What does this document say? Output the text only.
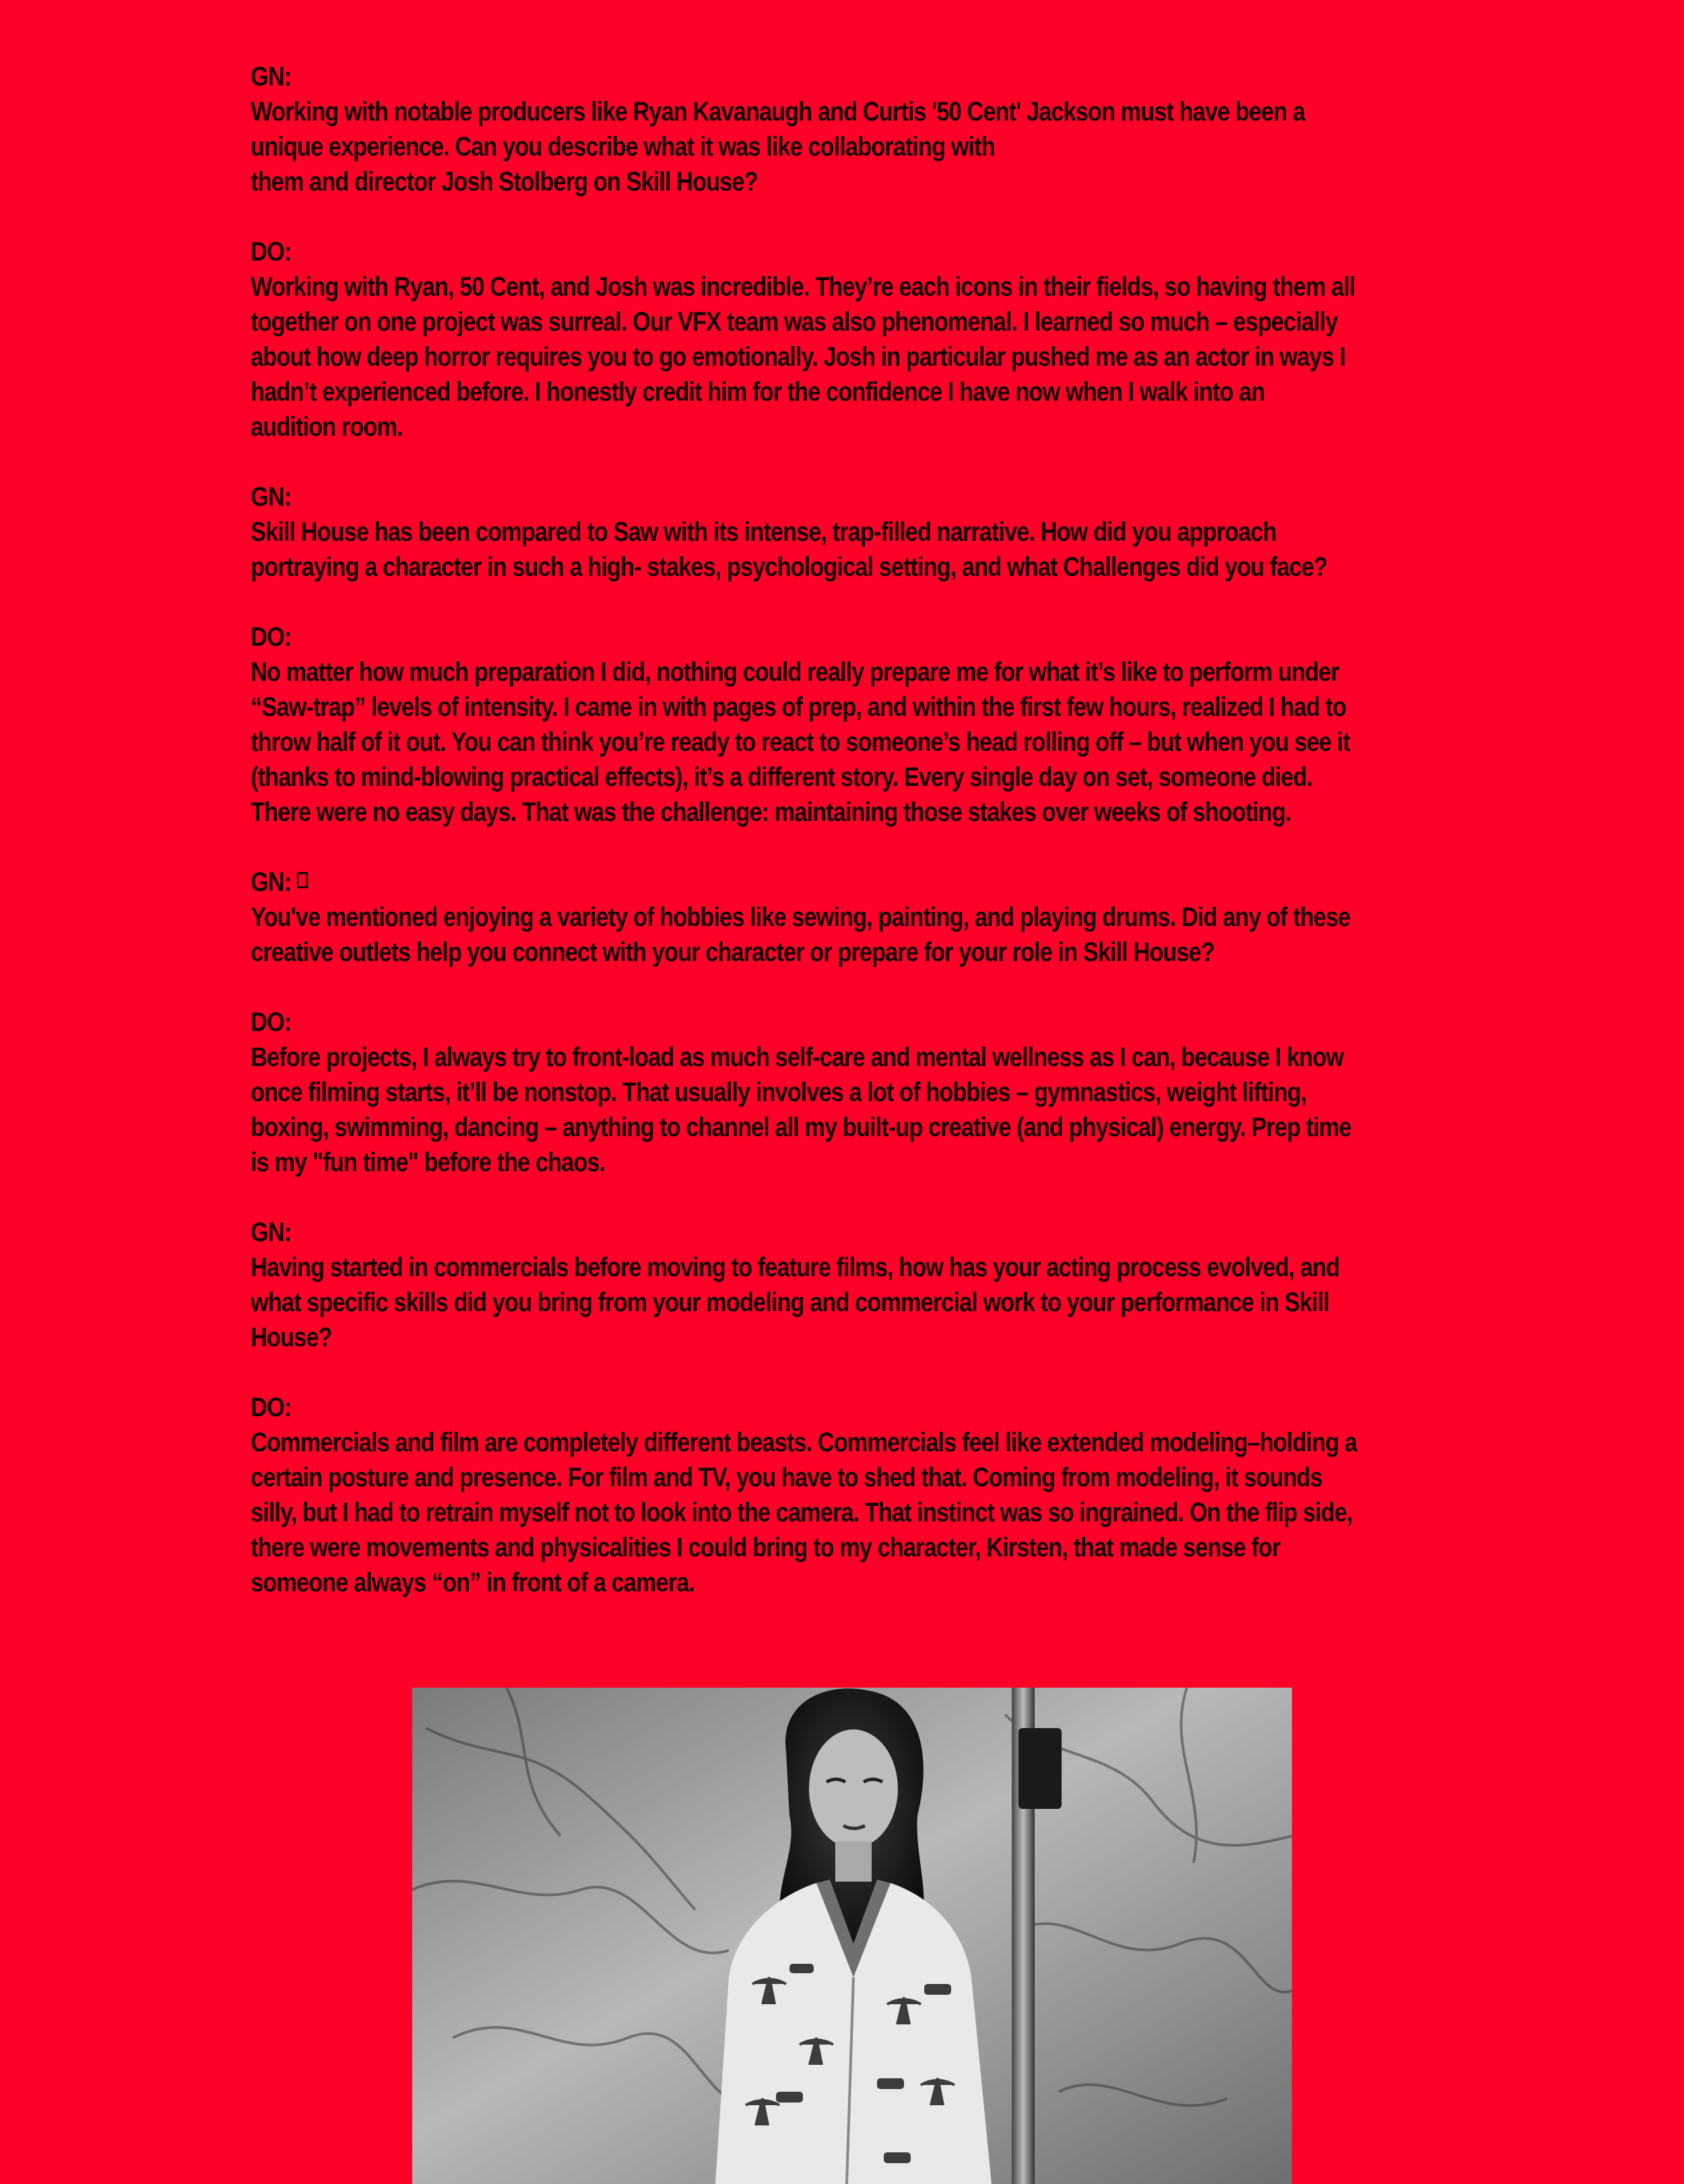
GN:
Working with notable producers like Ryan Kavanaugh and Curtis '50 Cent' Jackson must have been a
unique experience. Can you describe what it was like collaborating with
them and director Josh Stolberg on Skill House?
DO:
Working with Ryan, 50 Cent, and Josh was incredible. They’re each icons in their fields, so having them all
together on one project was surreal. Our VFX team was also phenomenal. I learned so much – especially
about how deep horror requires you to go emotionally. Josh in particular pushed me as an actor in ways I
hadn’t experienced before. I honestly credit him for the confidence I have now when I walk into an
audition room.
GN:
Skill House has been compared to Saw with its intense, trap-filled narrative. How did you approach
portraying a character in such a high- stakes, psychological setting, and what Challenges did you face?
DO:
No matter how much preparation I did, nothing could really prepare me for what it’s like to perform under
“Saw-trap” levels of intensity. I came in with pages of prep, and within the first few hours, realized I had to
throw half of it out. You can think you’re ready to react to someone’s head rolling off – but when you see it
(thanks to mind-blowing practical effects), it’s a different story. Every single day on set, someone died.
There were no easy days. That was the challenge: maintaining those stakes over weeks of shooting.
GN:
You've mentioned enjoying a variety of hobbies like sewing, painting, and playing drums. Did any of these
creative outlets help you connect with your character or prepare for your role in Skill House?
DO:
Before projects, I always try to front-load as much self-care and mental wellness as I can, because I know
once filming starts, it’ll be nonstop. That usually involves a lot of hobbies – gymnastics, weight lifting,
boxing, swimming, dancing – anything to channel all my built-up creative (and physical) energy. Prep time
is my "fun time" before the chaos.
GN:
Having started in commercials before moving to feature films, how has your acting process evolved, and
what specific skills did you bring from your modeling and commercial work to your performance in Skill
House?
DO:
Commercials and film are completely different beasts. Commercials feel like extended modeling–holding a
certain posture and presence. For film and TV, you have to shed that. Coming from modeling, it sounds
silly, but I had to retrain myself not to look into the camera. That instinct was so ingrained. On the flip side,
there were movements and physicalities I could bring to my character, Kirsten, that made sense for
someone always “on” in front of a camera.
